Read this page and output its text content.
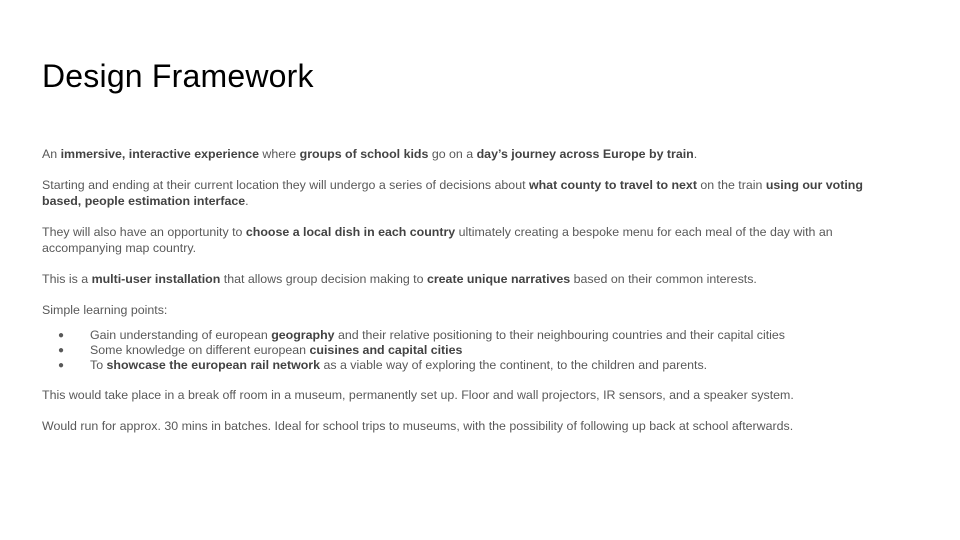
Design Framework

An immersive, interactive experience where groups of school kids go on a day’s journey across Europe by train.

Starting and ending at their current location they will undergo a series of decisions about what county to travel to next on the train using our voting based, people estimation interface.

They will also have an opportunity to choose a local dish in each country ultimately creating a bespoke menu for each meal of the day with an accompanying map country.

This is a multi-user installation that allows group decision making to create unique narratives based on their common interests.

Simple learning points:

● Gain understanding of european geography and their relative positioning to their neighbouring countries and their capital cities
● Some knowledge on different european cuisines and capital cities
● To showcase the european rail network as a viable way of exploring the continent, to the children and parents.

This would take place in a break off room in a museum, permanently set up. Floor and wall projectors, IR sensors, and a speaker system.

Would run for approx. 30 mins in batches. Ideal for school trips to museums, with the possibility of following up back at school afterwards.
